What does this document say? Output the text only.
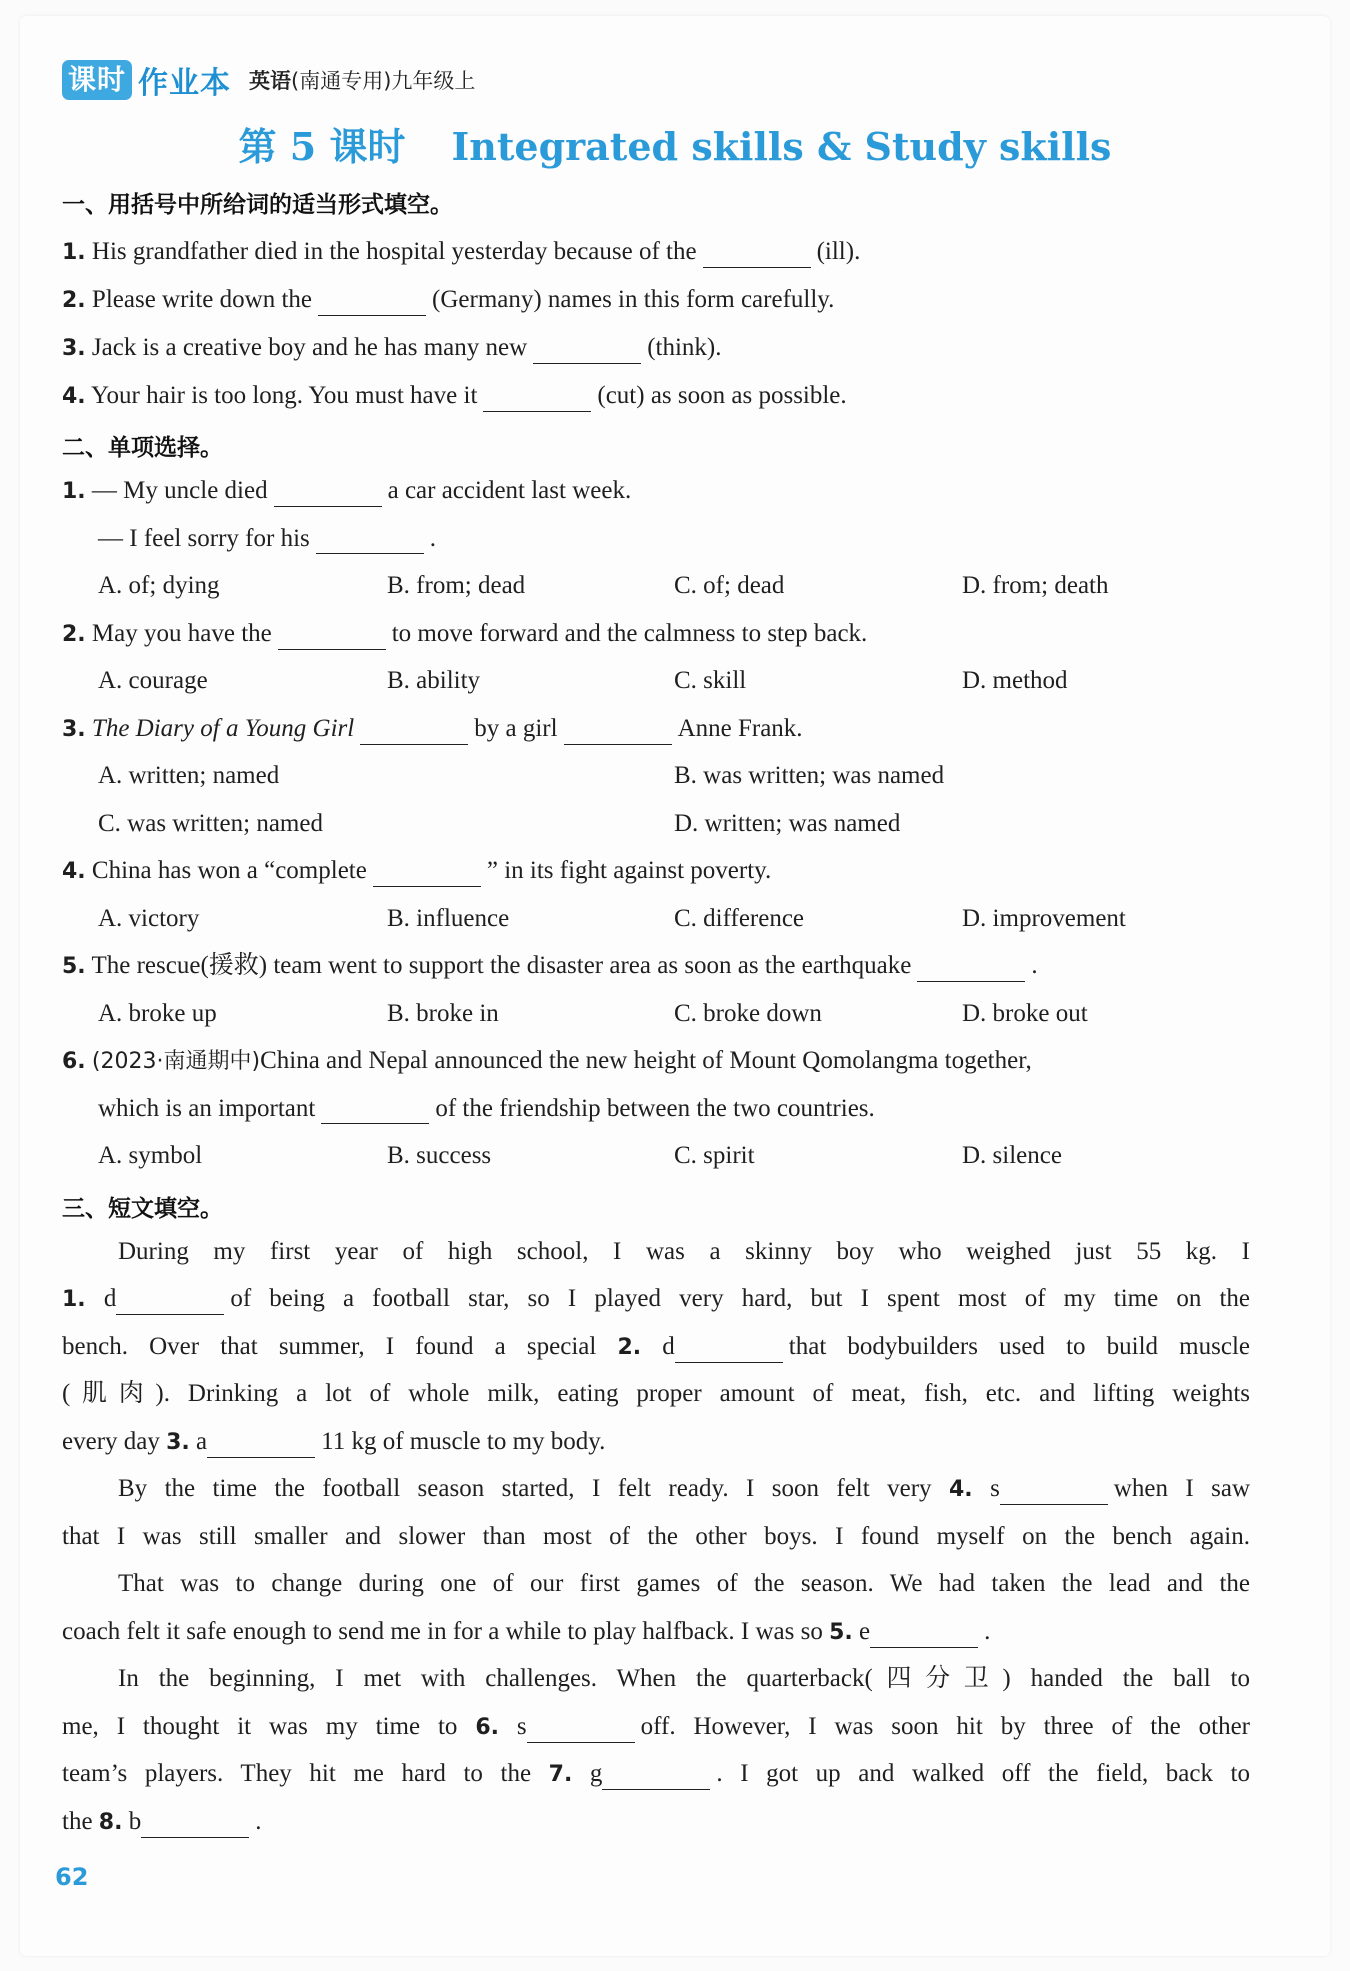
课时 作业本 英语(南通专用)九年级上
第 5 课时 Integrated skills & Study skills
一、用括号中所给词的适当形式填空。
1. His grandfather died in the hospital yesterday because of the	(ill).
2. Please write down the	(Germany) names in this form carefully.
3. Jack is a creative boy and he has many new	(think).
4. Your hair is too long. You must have it	(cut) as soon as possible.
二、单项选择。
1. — My uncle died	a car accident last week.
— I feel sorry for his	.
A. of; dying	B. from; dead	C. of; dead	D. from; death
2. May you have the	to move forward and the calmness to step back.
A. courage	B. ability	C. skill	D. method
3. The Diary of a Young Girl	by a girl	Anne Frank.
A. written; named	B. was written; was named
C. was written; named	D. written; was named
4. China has won a “complete	” in its fight against poverty.
A. victory	B. influence	C. difference	D. improvement
5. The rescue(援救) team went to support the disaster area as soon as the earthquake	.
A. broke up	B. broke in	C. broke down	D. broke out
6. (2023·南通期中)China and Nepal announced the new height of Mount Qomolangma together,
which is an important	of the friendship between the two countries.
A. symbol	B. success	C. spirit	D. silence
三、短文填空。
During my first year of high school, I was a skinny boy who weighed just 55 kg. I
1. d	of being a football star, so I played very hard, but I spent most of my time on the
bench. Over that summer, I found a special 2. d	that bodybuilders used to build muscle
(肌肉). Drinking a lot of whole milk, eating proper amount of meat, fish, etc. and lifting weights
every day 3. a	11 kg of muscle to my body.
By the time the football season started, I felt ready. I soon felt very 4. s	when I saw
that I was still smaller and slower than most of the other boys. I found myself on the bench again.
That was to change during one of our first games of the season. We had taken the lead and the
coach felt it safe enough to send me in for a while to play halfback. I was so 5. e	.
In the beginning, I met with challenges. When the quarterback(四分卫) handed the ball to
me, I thought it was my time to 6. s	off. However, I was soon hit by three of the other
team’s players. They hit me hard to the 7. g	. I got up and walked off the field, back to
the 8. b	.
62
